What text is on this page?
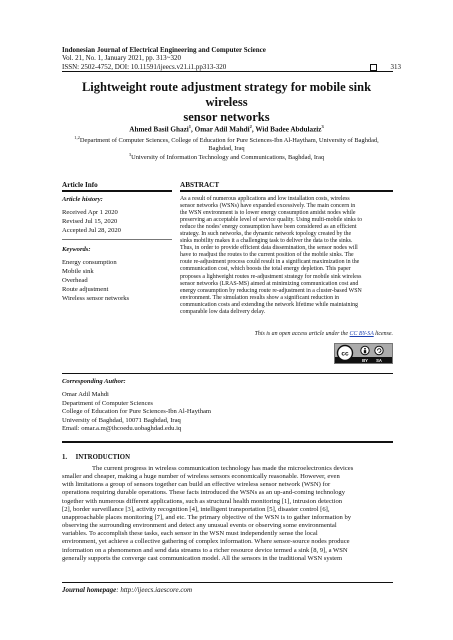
Indonesian Journal of Electrical Engineering and Computer Science
Vol. 21, No. 1, January 2021, pp. 313~320
ISSN: 2502-4752, DOI: 10.11591/ijeecs.v21.i1.pp313-320	313
Lightweight route adjustment strategy for mobile sink wireless
sensor networks
Ahmed Basil Ghazi$^1$, Omar Adil Mahdi$^2$, Wid Badee Abdulaziz$^3$
$^{1,2}$Department of Computer Sciences, College of Education for Pure Sciences-Ibn Al-Haytham, University of Baghdad,
Baghdad, Iraq
$^3$University of Information Technology and Communications, Baghdad, Iraq
Article Info
Article history:
Received Apr 1 2020
Revised Jul 15, 2020
Accepted Jul 28, 2020
Keywords:
Energy consumption
Mobile sink
Overhead
Route adjustment
Wireless sensor networks
ABSTRACT
As a result of numerous applications and low installation costs, wireless
sensor networks (WSNs) have expanded excessively. The main concern in
the WSN environment is to lower energy consumption amidst nodes while
preserving an acceptable level of service quality. Using multi-mobile sinks to
reduce the nodes' energy consumption have been considered as an efficient
strategy. In such networks, the dynamic network topology created by the
sinks mobility makes it a challenging task to deliver the data to the sinks.
Thus, in order to provide efficient data dissemination, the sensor nodes will
have to readjust the routes to the current position of the mobile sinks. The
route re-adjustment process could result in a significant maximization in the
communication cost, which boosts the total energy depletion. This paper
proposes a lightweight routes re-adjustment strategy for mobile sink wireless
sensor networks (LRAS-MS) aimed at minimizing communication cost and
energy consumption by reducing route re-adjustment in a cluster-based WSN
environment. The simulation results show a significant reduction in
communication costs and extending the network lifetime while maintaining
comparable low data delivery delay.
This is an open access article under the CC BY-SA license.
cc
BY SA
Corresponding Author:
Omar Adil Mahdi
Department of Computer Sciences
College of Education for Pure Sciences-Ibn Al-Haytham
University of Baghdad, 10071 Baghdad, Iraq
Email: omar.a.m@ihcoedu.uobaghdad.edu.iq
1.     INTRODUCTION
The current progress in wireless communication technology has made the microelectronics devices
smaller and cheaper, making a huge number of wireless sensors economically reasonable. However, even
with limitations a group of sensors together can build an effective wireless sensor network (WSN) for
operations requiring durable operations. These facts introduced the WSNs as an up-and-coming technology
together with numerous different applications, such as structural health monitoring [1], intrusion detection
[2], border surveillance [3], activity recognition [4], intelligent transportation [5], disaster control [6],
unapproachable places monitoring [7], and etc. The primary objective of the WSN is to gather information by
observing the surrounding environment and detect any unusual events or observing some environmental
variables. To accomplish these tasks, each sensor in the WSN must independently sense the local
environment, yet achieve a collective gathering of complex information. Where sensor-source nodes produce
information on a phenomenon and send data streams to a richer resource device termed a sink [8, 9], a WSN
generally supports the converge cast communication model. All the sensors in the traditional WSN system
Journal homepage: http://ijeecs.iaescore.com
